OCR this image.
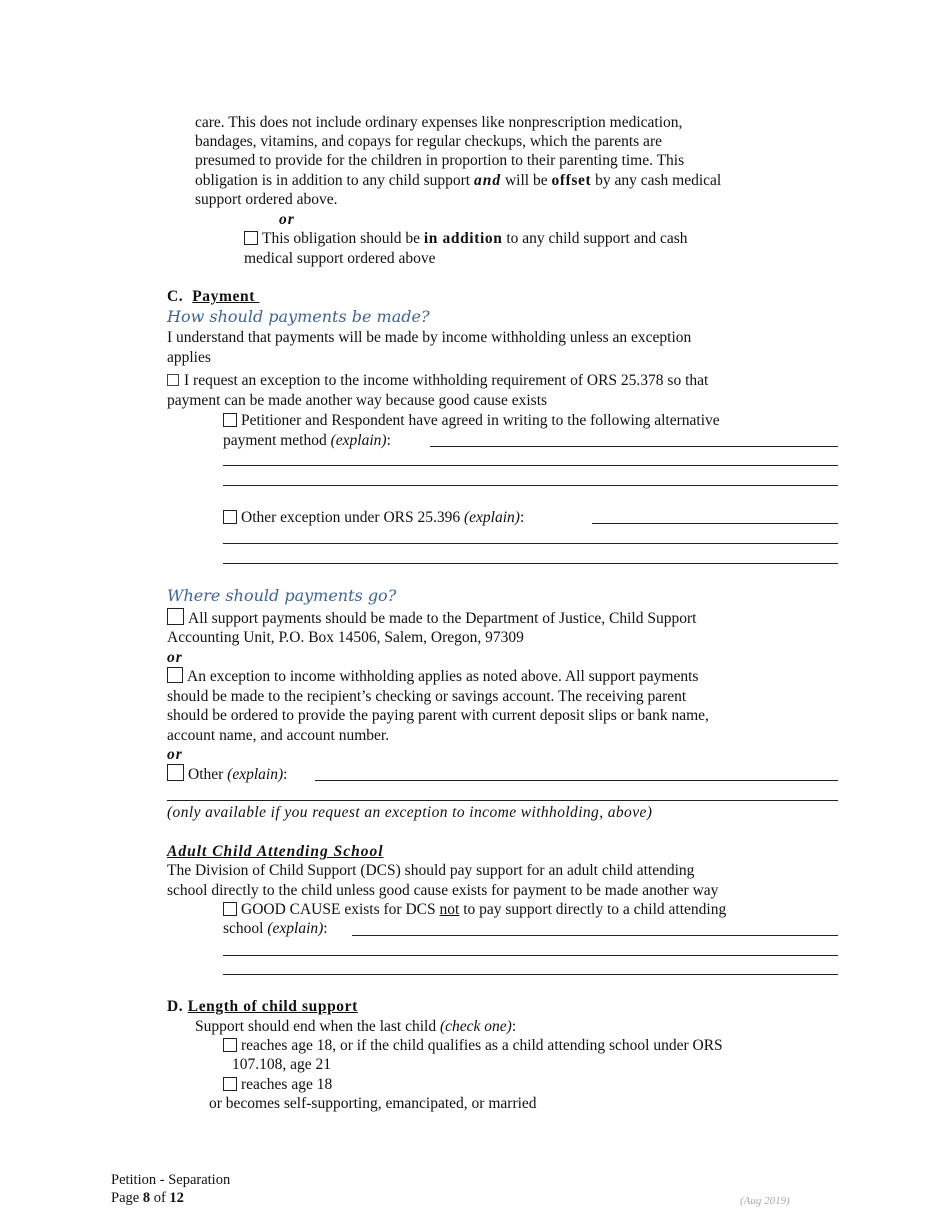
care. This does not include ordinary expenses like nonprescription medication,
bandages, vitamins, and copays for regular checkups, which the parents are
presumed to provide for the children in proportion to their parenting time. This
obligation is in addition to any child support and will be offset by any cash medical
support ordered above.
or
This obligation should be in addition to any child support and cash
medical support ordered above
C. Payment
How should payments be made?
I understand that payments will be made by income withholding unless an exception
applies
I request an exception to the income withholding requirement of ORS 25.378 so that
payment can be made another way because good cause exists
Petitioner and Respondent have agreed in writing to the following alternative
payment method (explain):
Other exception under ORS 25.396 (explain):
Where should payments go?
All support payments should be made to the Department of Justice, Child Support
Accounting Unit, P.O. Box 14506, Salem, Oregon, 97309
or
An exception to income withholding applies as noted above. All support payments
should be made to the recipient’s checking or savings account. The receiving parent
should be ordered to provide the paying parent with current deposit slips or bank name,
account name, and account number.
or
Other (explain):
(only available if you request an exception to income withholding, above)
Adult Child Attending School
The Division of Child Support (DCS) should pay support for an adult child attending
school directly to the child unless good cause exists for payment to be made another way
GOOD CAUSE exists for DCS not to pay support directly to a child attending
school (explain):
D. Length of child support
Support should end when the last child (check one):
reaches age 18, or if the child qualifies as a child attending school under ORS
107.108, age 21
reaches age 18
or becomes self-supporting, emancipated, or married
Petition - Separation
Page 8 of 12	(Aug 2019)
